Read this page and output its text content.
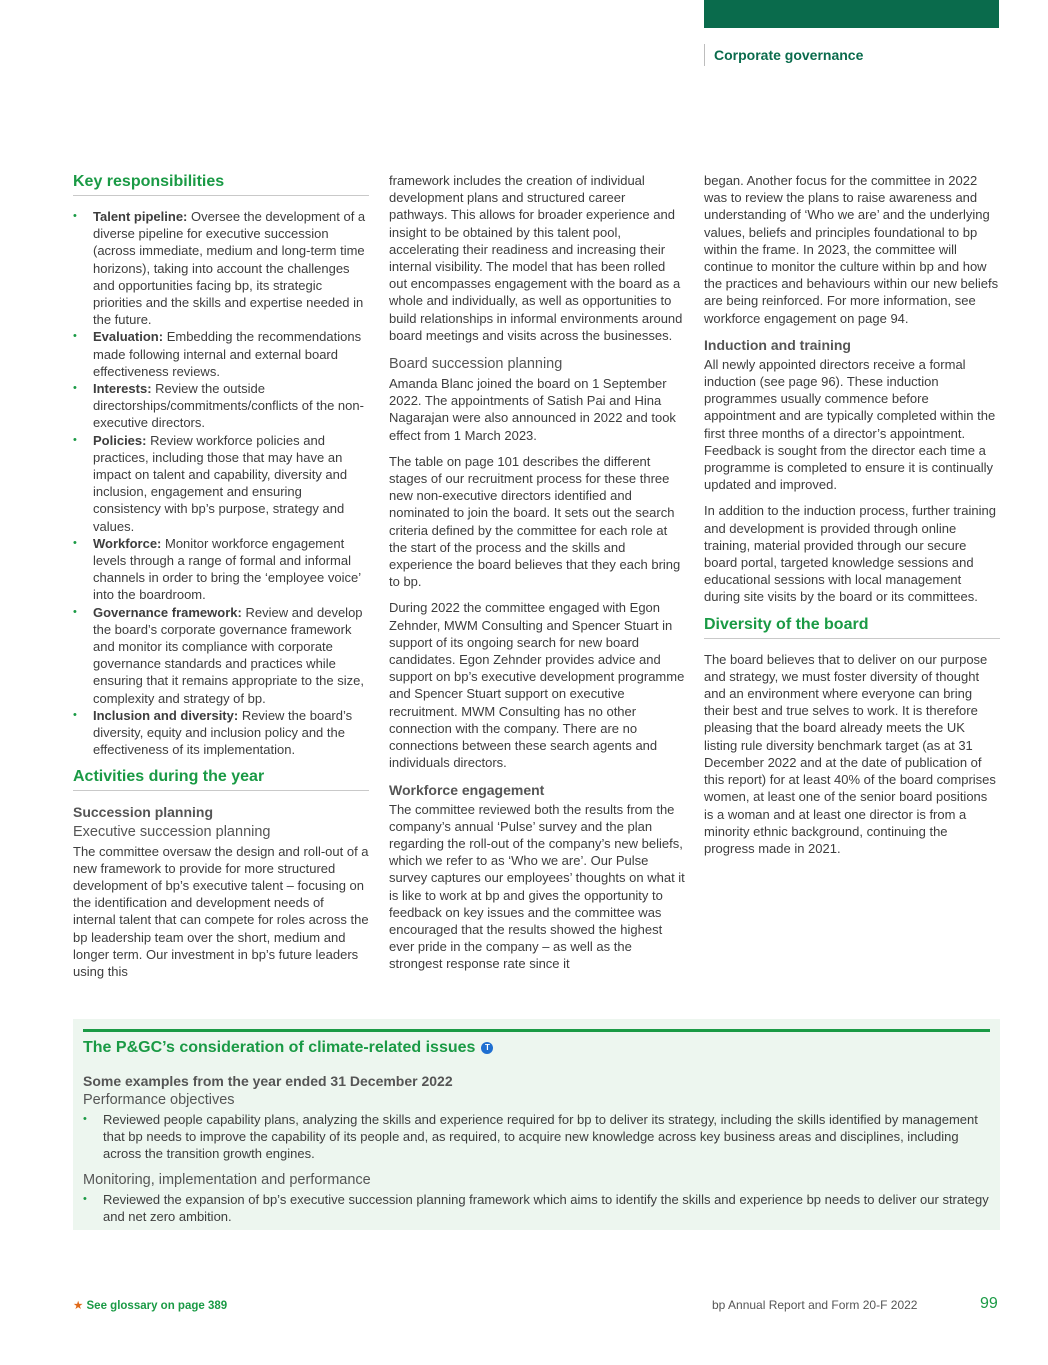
Corporate governance
Key responsibilities
• Talent pipeline: Oversee the development of a diverse pipeline for executive succession (across immediate, medium and long-term time horizons), taking into account the challenges and opportunities facing bp, its strategic priorities and the skills and expertise needed in the future.
• Evaluation: Embedding the recommendations made following internal and external board effectiveness reviews.
• Interests: Review the outside directorships/commitments/conflicts of the non-executive directors.
• Policies: Review workforce policies and practices, including those that may have an impact on talent and capability, diversity and inclusion, engagement and ensuring consistency with bp’s purpose, strategy and values.
• Workforce: Monitor workforce engagement levels through a range of formal and informal channels in order to bring the ‘employee voice’ into the boardroom.
• Governance framework: Review and develop the board’s corporate governance framework and monitor its compliance with corporate governance standards and practices while ensuring that it remains appropriate to the size, complexity and strategy of bp.
• Inclusion and diversity: Review the board’s diversity, equity and inclusion policy and the effectiveness of its implementation.
Activities during the year
Succession planning
Executive succession planning

The committee oversaw the design and roll-out of a new framework to provide for more structured development of bp’s executive talent – focusing on the identification and development needs of internal talent that can compete for roles across the bp leadership team over the short, medium and longer term. Our investment in bp’s future leaders using this

framework includes the creation of individual development plans and structured career pathways. This allows for broader experience and insight to be obtained by this talent pool, accelerating their readiness and increasing their internal visibility. The model that has been rolled out encompasses engagement with the board as a whole and individually, as well as opportunities to build relationships in informal environments around board meetings and visits across the businesses.

Board succession planning

Amanda Blanc joined the board on 1 September 2022. The appointments of Satish Pai and Hina Nagarajan were also announced in 2022 and took effect from 1 March 2023.

The table on page 101 describes the different stages of our recruitment process for these three new non-executive directors identified and nominated to join the board. It sets out the search criteria defined by the committee for each role at the start of the process and the skills and experience the board believes that they each bring to bp.

During 2022 the committee engaged with Egon Zehnder, MWM Consulting and Spencer Stuart in support of its ongoing search for new board candidates. Egon Zehnder provides advice and support on bp’s executive development programme and Spencer Stuart support on executive recruitment. MWM Consulting has no other connection with the company. There are no connections between these search agents and individuals directors.

Workforce engagement

The committee reviewed both the results from the company’s annual ‘Pulse’ survey and the plan regarding the roll-out of the company’s new beliefs, which we refer to as ‘Who we are’. Our Pulse survey captures our employees’ thoughts on what it is like to work at bp and gives the opportunity to feedback on key issues and the committee was encouraged that the results showed the highest ever pride in the company – as well as the strongest response rate since it

began. Another focus for the committee in 2022 was to review the plans to raise awareness and understanding of ‘Who we are’ and the underlying values, beliefs and principles foundational to bp within the frame. In 2023, the committee will continue to monitor the culture within bp and how the practices and behaviours within our new beliefs are being reinforced. For more information, see workforce engagement on page 94.

Induction and training

All newly appointed directors receive a formal induction (see page 96). These induction programmes usually commence before appointment and are typically completed within the first three months of a director’s appointment. Feedback is sought from the director each time a programme is completed to ensure it is continually updated and improved.

In addition to the induction process, further training and development is provided through online training, material provided through our secure board portal, targeted knowledge sessions and educational sessions with local management during site visits by the board or its committees.

Diversity of the board

The board believes that to deliver on our purpose and strategy, we must foster diversity of thought and an environment where everyone can bring their best and true selves to work. It is therefore pleasing that the board already meets the UK listing rule diversity benchmark target (as at 31 December 2022 and at the date of publication of this report) for at least 40% of the board comprises women, at least one of the senior board positions is a woman and at least one director is from a minority ethnic background, continuing the progress made in 2021.

The P&GC’s consideration of climate-related issues	T
Some examples from the year ended 31 December 2022
Performance objectives
• Reviewed people capability plans, analyzing the skills and experience required for bp to deliver its strategy, including the skills identified by management that bp needs to improve the capability of its people and, as required, to acquire new knowledge across key business areas and disciplines, including across the transition growth engines.
Monitoring, implementation and performance
• Reviewed the expansion of bp’s executive succession planning framework which aims to identify the skills and experience bp needs to deliver our strategy and net zero ambition.
★ See glossary on page 389	bp Annual Report and Form 20-F 2022	99
